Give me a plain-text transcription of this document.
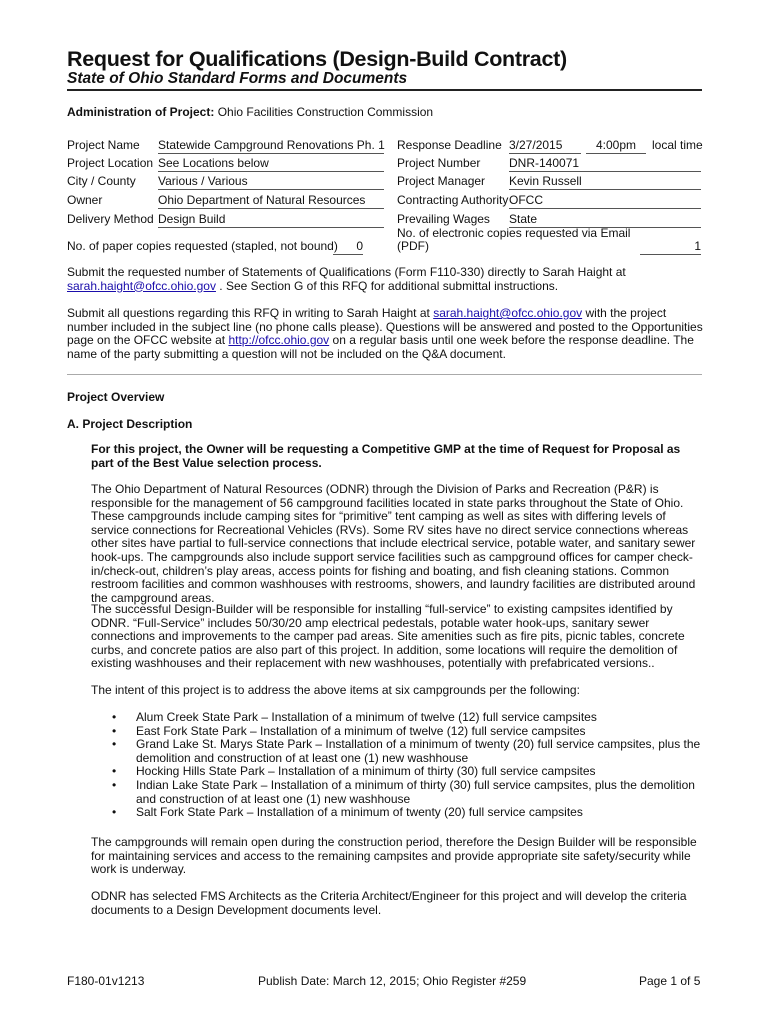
Request for Qualifications (Design-Build Contract)
State of Ohio Standard Forms and Documents
Administration of Project: Ohio Facilities Construction Commission
Project Name Statewide Campground Renovations Ph. 1
Project Location See Locations below
City / County Various / Various
Owner	Ohio Department of Natural Resources
Delivery Method Design Build
No. of paper copies requested (stapled, not bound)	0
Response Deadline 3/27/2015	4:00pm	local time
Project Number DNR-140071
Project Manager Kevin Russell
Contracting Authority OFCC
Prevailing Wages State
No. of electronic copies requested via Email
(PDF)	1
Submit the requested number of Statements of Qualifications (Form F110-330) directly to Sarah Haight at sarah.haight@ofcc.ohio.gov . See Section G of this RFQ for additional submittal instructions.
Submit all questions regarding this RFQ in writing to Sarah Haight at sarah.haight@ofcc.ohio.gov with the project number included in the subject line (no phone calls please). Questions will be answered and posted to the Opportunities page on the OFCC website at http://ofcc.ohio.gov on a regular basis until one week before the response deadline. The name of the party submitting a question will not be included on the Q&A document.
Project Overview
A. Project Description
For this project, the Owner will be requesting a Competitive GMP at the time of Request for Proposal as part of the Best Value selection process.
The Ohio Department of Natural Resources (ODNR) through the Division of Parks and Recreation (P&R) is responsible for the management of 56 campground facilities located in state parks throughout the State of Ohio. These campgrounds include camping sites for “primitive” tent camping as well as sites with differing levels of service connections for Recreational Vehicles (RVs). Some RV sites have no direct service connections whereas other sites have partial to full-service connections that include electrical service, potable water, and sanitary sewer hook-ups. The campgrounds also include support service facilities such as campground offices for camper check-in/check-out, children’s play areas, access points for fishing and boating, and fish cleaning stations. Common restroom facilities and common washhouses with restrooms, showers, and laundry facilities are distributed around the campground areas.
The successful Design-Builder will be responsible for installing “full-service” to existing campsites identified by ODNR. “Full-Service” includes 50/30/20 amp electrical pedestals, potable water hook-ups, sanitary sewer connections and improvements to the camper pad areas. Site amenities such as fire pits, picnic tables, concrete curbs, and concrete patios are also part of this project. In addition, some locations will require the demolition of existing washhouses and their replacement with new washhouses, potentially with prefabricated versions..
The intent of this project is to address the above items at six campgrounds per the following:
• Alum Creek State Park – Installation of a minimum of twelve (12) full service campsites
• East Fork State Park – Installation of a minimum of twelve (12) full service campsites
• Grand Lake St. Marys State Park – Installation of a minimum of twenty (20) full service campsites, plus the demolition and construction of at least one (1) new washhouse
• Hocking Hills State Park – Installation of a minimum of thirty (30) full service campsites
• Indian Lake State Park – Installation of a minimum of thirty (30) full service campsites, plus the demolition and construction of at least one (1) new washhouse
• Salt Fork State Park – Installation of a minimum of twenty (20) full service campsites
The campgrounds will remain open during the construction period, therefore the Design Builder will be responsible for maintaining services and access to the remaining campsites and provide appropriate site safety/security while work is underway.
ODNR has selected FMS Architects as the Criteria Architect/Engineer for this project and will develop the criteria documents to a Design Development documents level.
F180-01v1213	Publish Date: March 12, 2015; Ohio Register #259	Page 1 of 5
